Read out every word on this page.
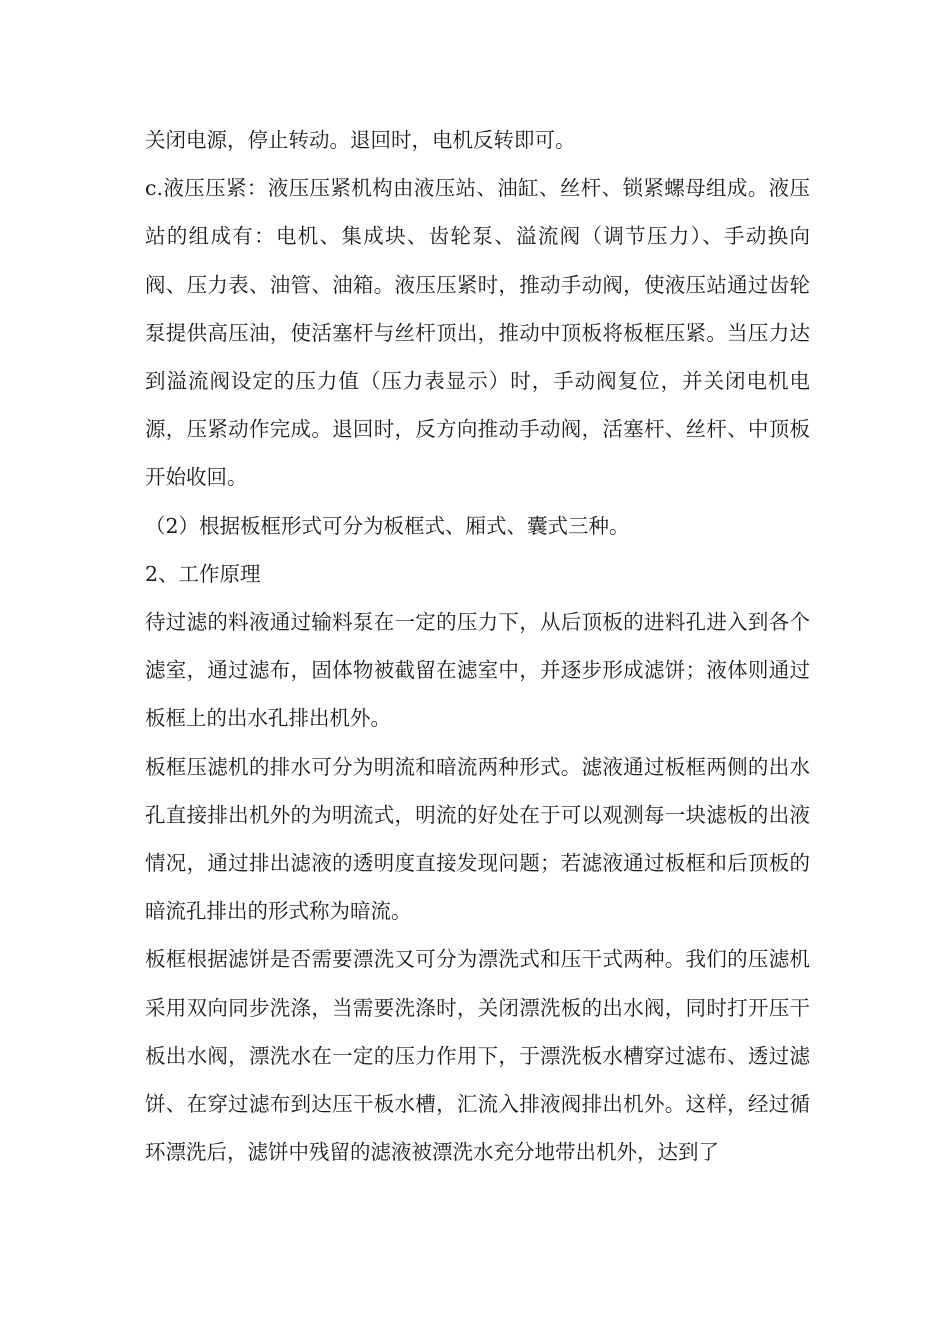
关闭电源，停止转动。退回时，电机反转即可。

c.液压压紧：液压压紧机构由液压站、油缸、丝杆、锁紧螺母组成。液压站的组成有：电机、集成块、齿轮泵、溢流阀（调节压力）、手动换向阀、压力表、油管、油箱。液压压紧时，推动手动阀，使液压站通过齿轮泵提供高压油，使活塞杆与丝杆顶出，推动中顶板将板框压紧。当压力达到溢流阀设定的压力值（压力表显示）时，手动阀复位，并关闭电机电源，压紧动作完成。退回时，反方向推动手动阀，活塞杆、丝杆、中顶板开始收回。

（2）根据板框形式可分为板框式、厢式、囊式三种。

2、工作原理

待过滤的料液通过输料泵在一定的压力下，从后顶板的进料孔进入到各个滤室，通过滤布，固体物被截留在滤室中，并逐步形成滤饼；液体则通过板框上的出水孔排出机外。

板框压滤机的排水可分为明流和暗流两种形式。滤液通过板框两侧的出水孔直接排出机外的为明流式，明流的好处在于可以观测每一块滤板的出液情况，通过排出滤液的透明度直接发现问题；若滤液通过板框和后顶板的暗流孔排出的形式称为暗流。

板框根据滤饼是否需要漂洗又可分为漂洗式和压干式两种。我们的压滤机采用双向同步洗涤，当需要洗涤时，关闭漂洗板的出水阀，同时打开压干板出水阀，漂洗水在一定的压力作用下，于漂洗板水槽穿过滤布、透过滤饼、在穿过滤布到达压干板水槽，汇流入排液阀排出机外。这样，经过循环漂洗后，滤饼中残留的滤液被漂洗水充分地带出机外，达到了
